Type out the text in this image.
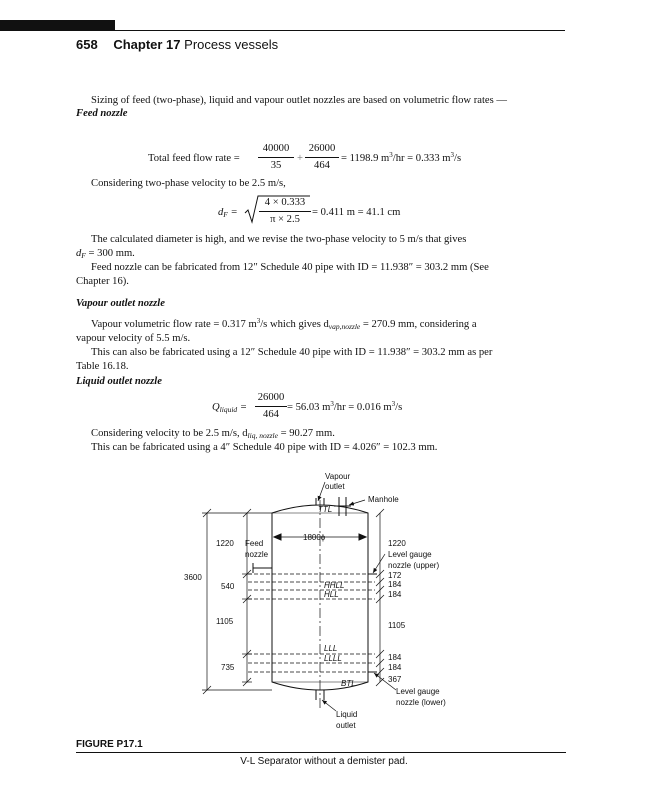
658 Chapter 17 Process vessels
Sizing of feed (two-phase), liquid and vapour outlet nozzles are based on volumetric flow rates —
Feed nozzle
Total feed flow rate =
40000
35
+
26000
464
= 1198.9 $m^3/hr = 0.333$ $m^3/s$
Considering two-phase velocity to be 2.5 m/s,
$d_F$ =
4 × 0.333
π × 2.5
= 0.411 m = 41.1 cm
The calculated diameter is high, and we revise the two-phase velocity to 5 m/s that gives
$d_F = 300$ mm.
Feed nozzle can be fabricated from 12″ Schedule 40 pipe with ID = 11.938″ = 303.2 mm (See
Chapter 16).
Vapour outlet nozzle
Vapour volumetric flow rate = 0.317 $m^3/s$ which gives $d_{vap,nozzle} = 270.9$ mm, considering a
vapour velocity of 5.5 m/s.
This can also be fabricated using a 12″ Schedule 40 pipe with ID = 11.938″ = 303.2 mm as per
Table 16.18.
Liquid outlet nozzle
$Q_{liquid}$ =
26000
464
= 56.03 $m^3/hr = 0.016$ $m^3/s$
Considering velocity to be 2.5 m/s, $d_{liq, nozzle} = 90.27$ mm.
This can be fabricated using a 4″ Schedule 40 pipe with ID = 4.026″ = 102.3 mm.
Vapour
outlet
Manhole
TTL
1800ϕ
Feed
nozzle
HHLL
HLL
LLL
LLLL
BTL
Liquid
outlet
3600
1220
540
1105
735
1220
Level gauge
nozzle (upper)
172
184
184
1105
184
184
367
Level gauge
nozzle (lower)
FIGURE P17.1
V-L Separator without a demister pad.
